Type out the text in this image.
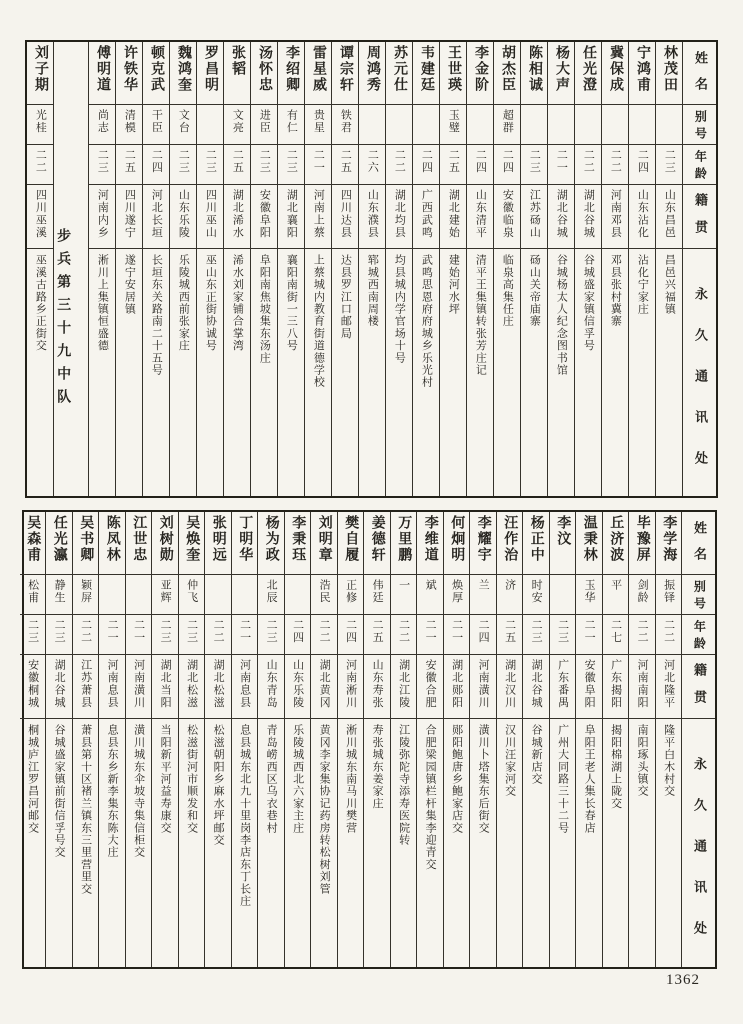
姓名
别号
年龄
籍贯
永久通讯处
林茂田
二三
山东昌邑
昌邑兴福镇
宁鸿甫
二四
山东沾化
沾化宁家庄
冀保成
二二
河南邓县
邓县张村冀寨
任光澄
二二
湖北谷城
谷城盛家镇信孚号
杨大声
二一
湖北谷城
谷城杨太人纪念图书馆
陈相诚
二三
江苏砀山
砀山关帝庙寨
胡杰臣
超群
二四
安徽临泉
临泉高集任庄
李金阶
二四
山东清平
清平王集镇转张芳庄记
王世瑛
玉璧
二五
湖北建始
建始河水坪
韦建廷
二四
广西武鸣
武鸣思恩府府城乡乐光村
苏元仕
二二
湖北均县
均县城内学官场十号
周鸿秀
二六
山东濮县
郓城西南周楼
谭宗轩
铁君
二五
四川达县
达县罗江口邮局
雷星威
贵星
二一
河南上蔡
上蔡城内教育街道德学校
李绍卿
有仁
二三
湖北襄阳
襄阳南街一三八号
汤怀忠
进臣
二三
安徽阜阳
阜阳南焦坡集东汤庄
张韬
文亮
二五
湖北浠水
浠水刘家铺合掌湾
罗昌明
二三
四川巫山
巫山东正街协诚号
魏鸿奎
文台
二三
山东乐陵
乐陵城西前张家庄
顿克武
干臣
二四
河北长垣
长垣东关路南二十五号
许铁华
清模
二五
四川遂宁
遂宁安居镇
傅明道
尚志
二三
河南内乡
淅川上集镇恒盛德
步兵第三十九中队
刘子期
光桂
二二
四川巫溪
巫溪古路乡正街交
姓名
别号
年龄
籍贯
永久通讯处
李学海
振铎
二二
河北隆平
隆平白木村交
毕豫屏
剑龄
二二
河南南阳
南阳琢头镇交
丘济波
平
二七
广东揭阳
揭阳棉湖上陇交
温秉林
玉华
二一
安徽阜阳
阜阳王老人集长春店
李汶
二三
广东番禺
广州大同路三十二号
杨正中
时安
二三
湖北谷城
谷城新店交
汪作治
济
二五
湖北汉川
汉川汪家河交
李耀宇
兰
二四
河南潢川
潢川卜塔集东后街交
何炯明
焕厚
二一
湖北郧阳
郧阳鲍唐乡鲍家店交
李维道
斌
二一
安徽合肥
合肥梁园镇栏杆集李迎青交
万里鹏
一
二二
湖北江陵
江陵弥陀寺添寿医院转
姜德轩
伟廷
二五
山东寿张
寿张城东姜家庄
樊自履
正修
二四
河南淅川
淅川城东南马川樊营
刘明章
浩民
二二
湖北黄冈
黄冈李家集协记药房转松树刘管
李秉珏
二四
山东乐陵
乐陵城西北六家主庄
杨为政
北辰
二三
山东青岛
青岛崂西区乌衣巷村
丁明华
二一
河南息县
息县城东北九十里岗李店东丁长庄
张明远
二二
湖北松滋
松滋朝阳乡麻水坪邮交
吴焕奎
仲飞
二三
湖北松滋
松滋街河市顺发和交
刘树勋
亚辉
二三
湖北当阳
当阳新平河益寿康交
江世忠
二一
河南潢川
潢川城东伞坡寺集信柜交
陈凤林
二一
河南息县
息县东乡新李集东陈大庄
吴书卿
颖屏
二二
江苏萧县
萧县第十区褚兰镇东三里营里交
任光瀛
静生
二三
湖北谷城
谷城盛家镇前街信孚号交
吴森甫
松甫
二三
安徽桐城
桐城庐江罗昌河邮交
1362
